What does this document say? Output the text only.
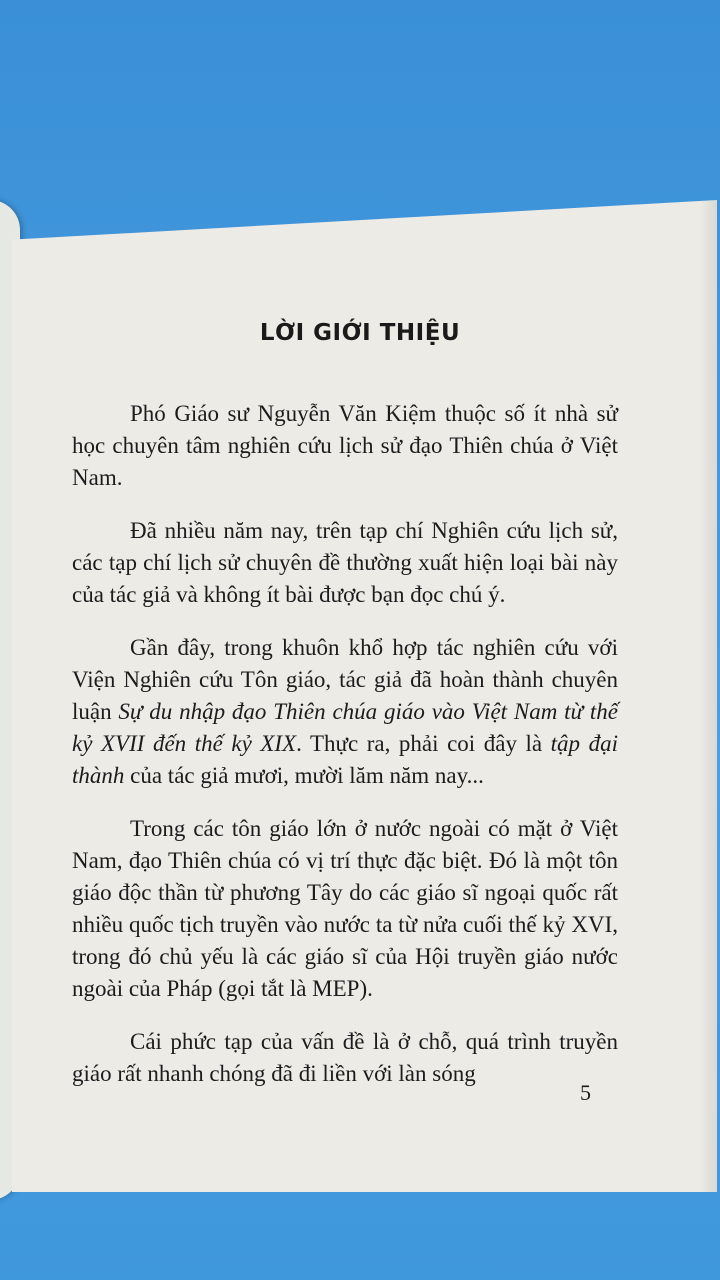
LỜI GIỚI THIỆU

Phó Giáo sư Nguyễn Văn Kiệm thuộc số ít nhà sử học chuyên tâm nghiên cứu lịch sử đạo Thiên chúa ở Việt Nam.

Đã nhiều năm nay, trên tạp chí Nghiên cứu lịch sử, các tạp chí lịch sử chuyên đề thường xuất hiện loại bài này của tác giả và không ít bài được bạn đọc chú ý.

Gần đây, trong khuôn khổ hợp tác nghiên cứu với Viện Nghiên cứu Tôn giáo, tác giả đã hoàn thành chuyên luận Sự du nhập đạo Thiên chúa giáo vào Việt Nam từ thế kỷ XVII đến thế kỷ XIX. Thực ra, phải coi đây là tập đại thành của tác giả mươi, mười lăm năm nay...

Trong các tôn giáo lớn ở nước ngoài có mặt ở Việt Nam, đạo Thiên chúa có vị trí thực đặc biệt. Đó là một tôn giáo độc thần từ phương Tây do các giáo sĩ ngoại quốc rất nhiều quốc tịch truyền vào nước ta từ nửa cuối thế kỷ XVI, trong đó chủ yếu là các giáo sĩ của Hội truyền giáo nước ngoài của Pháp (gọi tắt là MEP).

Cái phức tạp của vấn đề là ở chỗ, quá trình truyền giáo rất nhanh chóng đã đi liền với làn sóng

5
